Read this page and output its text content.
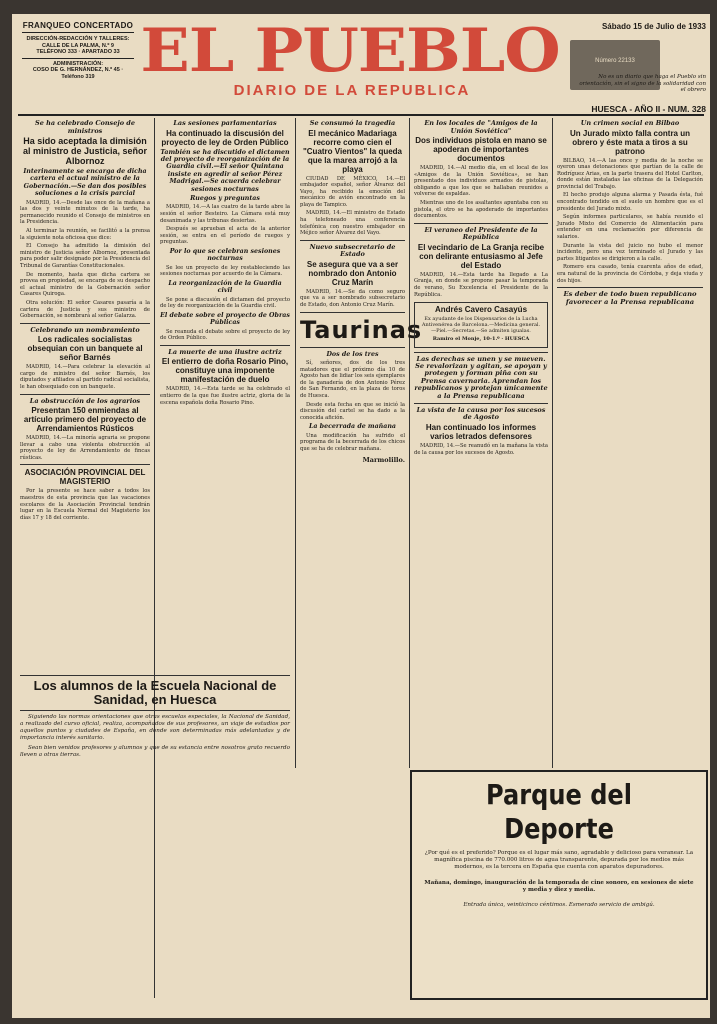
FRANQUEO CONCERTADO
DIRECCIÓN-REDACCIÓN Y TALLERES:
CALLE DE LA PALMA, N.º 9
TELÉFONO 333 · APARTADO 33
ADMINISTRACIÓN:
COSO DE G. HERNÁNDEZ, N.º 45 · Teléfono 319 EL PUEBLO
DIARIO DE LA REPUBLICA
Sábado 15 de Julio de 1933
Número 22133
No es un diario que haga el Pueblo sin orientación, sin el signo de la solidaridad con el obrero
HUESCA - AÑO II - NUM. 328
Se ha celebrado Consejo de ministros
Ha sido aceptada la dimisión al ministro de Justicia, señor Albornoz
Interinamente se encarga de dicha cartera el actual ministro de la Gobernación.—Se dan dos posibles soluciones a la crisis parcial

MADRID, 14.—Desde las once de la mañana a las dos y veinte minutos de la tarde, ha permanecido reunido el Consejo de ministros en la Presidencia.

Al terminar la reunión, se facilitó a la prensa la siguiente nota oficiosa que dice:

El Consejo ha admitido la dimisión del ministro de Justicia señor Albornoz, presentada para poder salir designado por la Presidencia del Tribunal de Garantías Constitucionales.

De momento, hasta que dicha cartera se provea en propiedad, se encarga de su despacho el actual ministro de la Gobernación señor Casares Quiroga.

Otra solución: El señor Casares pasaría a la cartera de Justicia y sus ministro de Gobernación, se nombrará al señor Galarza.

Celebrando un nombramiento
Los radicales socialistas obsequian con un banquete al señor Barnés

MADRID, 14.—Para celebrar la elevación al cargo de ministro del señor Barnés, los diputados y afiliados al partido radical socialista, le han obsequiado con un banquete.

La obstrucción de los agrarios
Presentan 150 enmiendas al artículo primero del proyecto de Arrendamientos Rústicos

MADRID, 14.—La minoría agraria se propone llevar a cabo una violenta obstrucción al proyecto de ley de Arrendamiento de fincas rústicas.

ASOCIACIÓN PROVINCIAL DEL MAGISTERIO

Por la presente se hace saber a todos los maestros de esta provincia que las vacaciones escolares de la Asociación Provincial tendrán lugar en la Escuela Normal del Magisterio los días 17 y 18 del corriente.

Las sesiones parlamentarias
Ha continuado la discusión del proyecto de ley de Orden Público
También se ha discutido el dictamen del proyecto de reorganización de la Guardia civil.—El señor Quintana insiste en agredir al señor Pérez Madrigal.—Se acuerda celebrar sesiones nocturnas
Ruegos y preguntas

MADRID, 14.—A las cuatro de la tarde abre la sesión el señor Besteiro. La Cámara está muy desanimada y las tribunas desiertas.

Después se aprueban el acta de la anterior sesión, se entra en el período de ruegos y preguntas.

Por lo que se celebran sesiones nocturnas

Se lee un proyecto de ley restableciendo las sesiones nocturnas por acuerdo de la Cámara.

La reorganización de la Guardia civil

Se pone a discusión el dictamen del proyecto de ley de reorganización de la Guardia civil.

El debate sobre el proyecto de Obras Públicas

Se reanuda el debate sobre el proyecto de ley de Orden Público.

La muerte de una ilustre actriz
El entierro de doña Rosario Pino, constituye una imponente manifestación de duelo

MADRID, 14.—Esta tarde se ha celebrado el entierro de la que fue ilustre actriz, gloria de la escena española doña Rosario Pino.

Los alumnos de la Escuela Nacional de Sanidad, en Huesca

Siguiendo las normas orientaciones que otras escuelas especiales, la Nacional de Sanidad, a realizado del curso oficial, realiza, acompañados de sus profesores, un viaje de estudios por aquellos puntos y ciudades de España, en donde son determinadas más adelantadas y de importancia interés sanitario.

Sean bien venidos profesores y alumnos y que de su estancia entre nosotros grato recuerdo lleven a otras tierras.

Se consumó la tragedia
El mecánico Madariaga recorre como cien el "Cuatro Vientos" la queda que la marea arrojó a la playa

CIUDAD DE MÉXICO, 14.—El embajador español, señor Álvarez del Vayo, ha recibido la emoción del mecánico de avión encontrado en la playa de Tampico.

MADRID, 14.—El ministro de Estado ha telefoneado una conferencia telefónica con nuestro embajador en Méjico señor Álvarez del Vayo.

Nuevo subsecretario de Estado
Se asegura que va a ser nombrado don Antonio Cruz Marín

MADRID, 14.—Se da como seguro que va a ser nombrado subsecretario de Estado, don Antonio Cruz Marín.

Taurinas
Dos de los tres

Sí, señores, dos de los tres matadores que el próximo día 10 de Agosto han de lidiar los seis ejemplares de la ganadería de don Antonio Pérez de San Fernando, en la plaza de toros de Huesca.

Desde esta fecha en que se inició la discusión del cartel se ha dado a la conocida afición.

La becerrada de mañana

Una modificación ha sufrido el programa de la becerrada de los chicos que se ha de celebrar mañana.

Marmolillo.
En los locales de "Amigos de la Unión Soviética"
Dos individuos pistola en mano se apoderan de importantes documentos

MADRID, 14.—Al medio día, en el local de los «Amigos de la Unión Soviética», se han presentado dos individuos armados de pistolas, obligando a que los que se hallaban reunidos a volverse de espaldas.

Mientras uno de los asaltantes apuntaba con su pistola, el otro se ha apoderado de importantes documentos.

El veraneo del Presidente de la República
El vecindario de La Granja recibe con delirante entusiasmo al Jefe del Estado

MADRID, 14.—Esta tarde ha llegado a La Granja, en donde se propone pasar la temporada de verano, Su Excelencia el Presidente de la República.

Andrés Cavero Casayús
Ex ayudante de los Dispensarios de la Lucha Antivenérea de Barcelona.—Medicina general.—Piel.—Secretas.—Se admiten igualas.
Ramiro el Monje, 10-1.º · HUESCA
Las derechas se unen y se mueven. Se revalorizan y agitan, se apoyan y protegen y forman piña con su Prensa cavernaria. Aprendan los republicanos y protejan únicamente a la Prensa republicana
La vista de la causa por los sucesos de Agosto
Han continuado los informes varios letrados defensores

MADRID, 14.—Se reanudó en la mañana la vista de la causa por los sucesos de Agosto.

Un crimen social en Bilbao
Un Jurado mixto falla contra un obrero y éste mata a tiros a su patrono

BILBAO, 14.—A las once y media de la noche se oyeron unas detonaciones que partían de la calle de Rodríguez Arias, en la parte trasera del Hotel Carlton, donde están instaladas las oficinas de la Delegación provincial del Trabajo.

El hecho produjo alguna alarma y Pasada ésta, fué encontrado tendido en el suelo un hombre que es el presidente del Jurado mixto.

Según informes particulares, se había reunido el Jurado Mixto del Comercio de Alimentación para entender en una reclamación por diferencia de salarios.

Durante la vista del juicio no hubo el menor incidente, pero una vez terminado el Jurado y las partes litigantes se dirigieron a la calle.

Romero era casado, tenía cuarenta años de edad, era natural de la provincia de Córdoba, y deja viuda y dos hijos.

Es deber de todo buen republicano favorecer a la Prensa republicana
Parque del Deporte
¿Por qué es el preferido? Porque es el lugar más sano, agradable y delicioso para veranear. La magnífica piscina de 770.000 litros de agua transparente, depurada por los medios más modernos, es la tercera en España que cuenta con aparatos depuradores.
Mañana, domingo, inauguración de la temporada de cine sonoro, en sesiones de siete y media y diez y media.
Entrada única, veinticinco céntimos. Esmerado servicio de ambigú.
